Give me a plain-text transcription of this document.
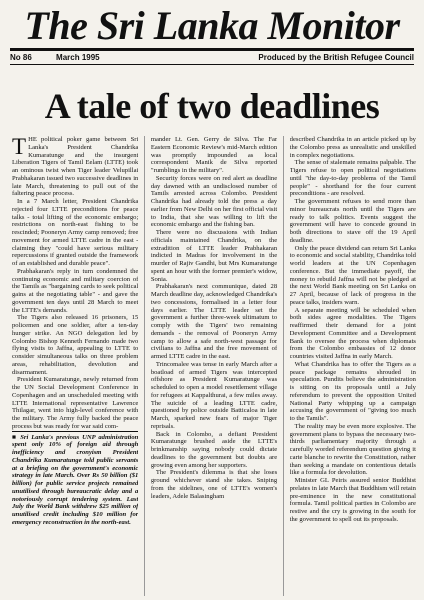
The Sri Lanka Monitor
No 86	March 1995	Produced by the British Refugee Council
A tale of two deadlines

THE political poker game between Sri Lanka's President Chandrika Kumaratunge and the insurgent Liberation Tigers of Tamil Eelam (LTTE) took an ominous twist when Tiger leader Velupillai Prabhakaran issued two successive deadlines in late March, threatening to pull out of the faltering peace process.

In a 7 March letter, President Chandrika rejected four LTTE preconditions for peace talks - total lifting of the economic embargo; restrictions on north-east fishing to be rescinded; Pooneryn Army camp removed; free movement for armed LTTE cadre in the east - claiming they "could have serious military repercussions if granted outside the framework of an established and durable peace".

Prabhakaran's reply in turn condemned the continuing economic and military coercion of the Tamils as "bargaining cards to seek political gains at the negotiating table" - and gave the government ten days until 28 March to meet the LTTE's demands.

The Tigers also released 16 prisoners, 15 policemen and one soldier, after a ten-day hunger strike. An NGO delegation led by Colombo Bishop Kenneth Fernando made two flying visits to Jaffna, appealing to LTTE to consider simultaneous talks on three problem areas, rehabilitation, devolution and disarmament.

President Kumaratunge, newly returned from the UN Social Development Conference in Copenhagen and an unscheduled meeting with LTTE International representative Lawrence Thilagar, went into high-level conference with the military. The Army fully backed the peace process but was ready for war said com-

■ Sri Lanka's previous UNP administration spent only 10% of foreign aid through inefficiency and cronyism President Chandrika Kumaratunge told public servants at a briefing on the government's economic strategy in late March. Over Rs 50 billion ($1 billion) for public service projects remained unutilised through bureaucratic delay and a notoriously corrupt tendering system. Last July the World Bank withdrew $25 million of unutilised credit including $10 million for emergency reconstruction in the north-east.

mander Lt. Gen. Gerry de Silva. The Far Eastern Economic Review's mid-March edition was promptly impounded as local correspondent Manik de Silva reported "rumblings in the military".

Security forces were on red alert as deadline day dawned with an undisclosed number of Tamils arrested across Colombo. President Chandrika had already told the press a day earlier from New Delhi on her first official visit to India, that she was willing to lift the economic embargo and the fishing ban.

There were no discussions with Indian officials maintained Chandrika, on the extradition of LTTE leader Prabhakaran indicted in Madras for involvement in the murder of Rajiv Gandhi, but Mrs Kumaratunge spent an hour with the former premier's widow, Sonia.

Prabhakaran's next communique, dated 28 March deadline day, acknowledged Chandrika's two concessions, formalised in a letter four days earlier. The LTTE leader set the government a further three-week ultimatum to comply with the Tigers' two remaining demands - the removal of Pooneryn Army camp to allow a safe north-west passage for civilians to Jaffna and the free movement of armed LTTE cadre in the east.

Trincomalee was tense in early March after a boatload of armed Tigers was intercepted offshore as President Kumaratunge was scheduled to open a model resettlement village for refugees at Kappalthurai, a few miles away. The suicide of a leading LTTE cadre, questioned by police outside Batticaloa in late March, sparked new fears of major Tiger reprisals.

Back in Colombo, a defiant President Kumaratunge brushed aside the LTTE's brinkmanship saying nobody could dictate deadlines to the government but doubts are growing even among her supporters.

The President's dilemma is that she loses ground whichever stand she takes. Sniping from the sidelines, one of LTTE's women's leaders, Adele Balasingham

described Chandrika in an article picked up by the Colombo press as unrealistic and unskilled in complex negotiations.

The sense of stalemate remains palpable. The Tigers refuse to open political negotiations until "the day-to-day problems of the Tamil people" - shorthand for the four current preconditions - are resolved.

The government refuses to send more than minor bureaucrats north until the Tigers are ready to talk politics. Events suggest the government will have to concede ground in both directions to stave off the 19 April deadline.

Only the peace dividend can return Sri Lanka to economic and social stability, Chandrika told world leaders at the UN Copenhagen conference. But the immediate payoff, the money to rebuild Jaffna will not be pledged at the next World Bank meeting on Sri Lanka on 27 April, because of lack of progress in the peace talks, insiders warn.

A separate meeting will be scheduled when both sides agree modalities. The Tigers reaffirmed their demand for a joint Development Committee and a Development Bank to oversee the process when diplomats from the Colombo embassies of 12 donor countries visited Jaffna in early March.

What Chandrika has to offer the Tigers as a peace package remains shrouded in speculation. Pundits believe the administration is sitting on its proposals until a July referendum to prevent the opposition United National Party whipping up a campaign accusing the government of "giving too much to the Tamils".

The reality may be even more explosive. The government plans to bypass the necessary two-thirds parliamentary majority through a carefully worded referendum question giving it carte blanche to rewrite the Constitution, rather than seeking a mandate on contentious details like a formula for devolution.

Minister GL Peiris assured senior Buddhist prelates in late March that Buddhism will retain pre-eminence in the new constitutional formula. Tamil political parties in Colombo are restive and the cry is growing in the south for the government to spell out its proposals.
